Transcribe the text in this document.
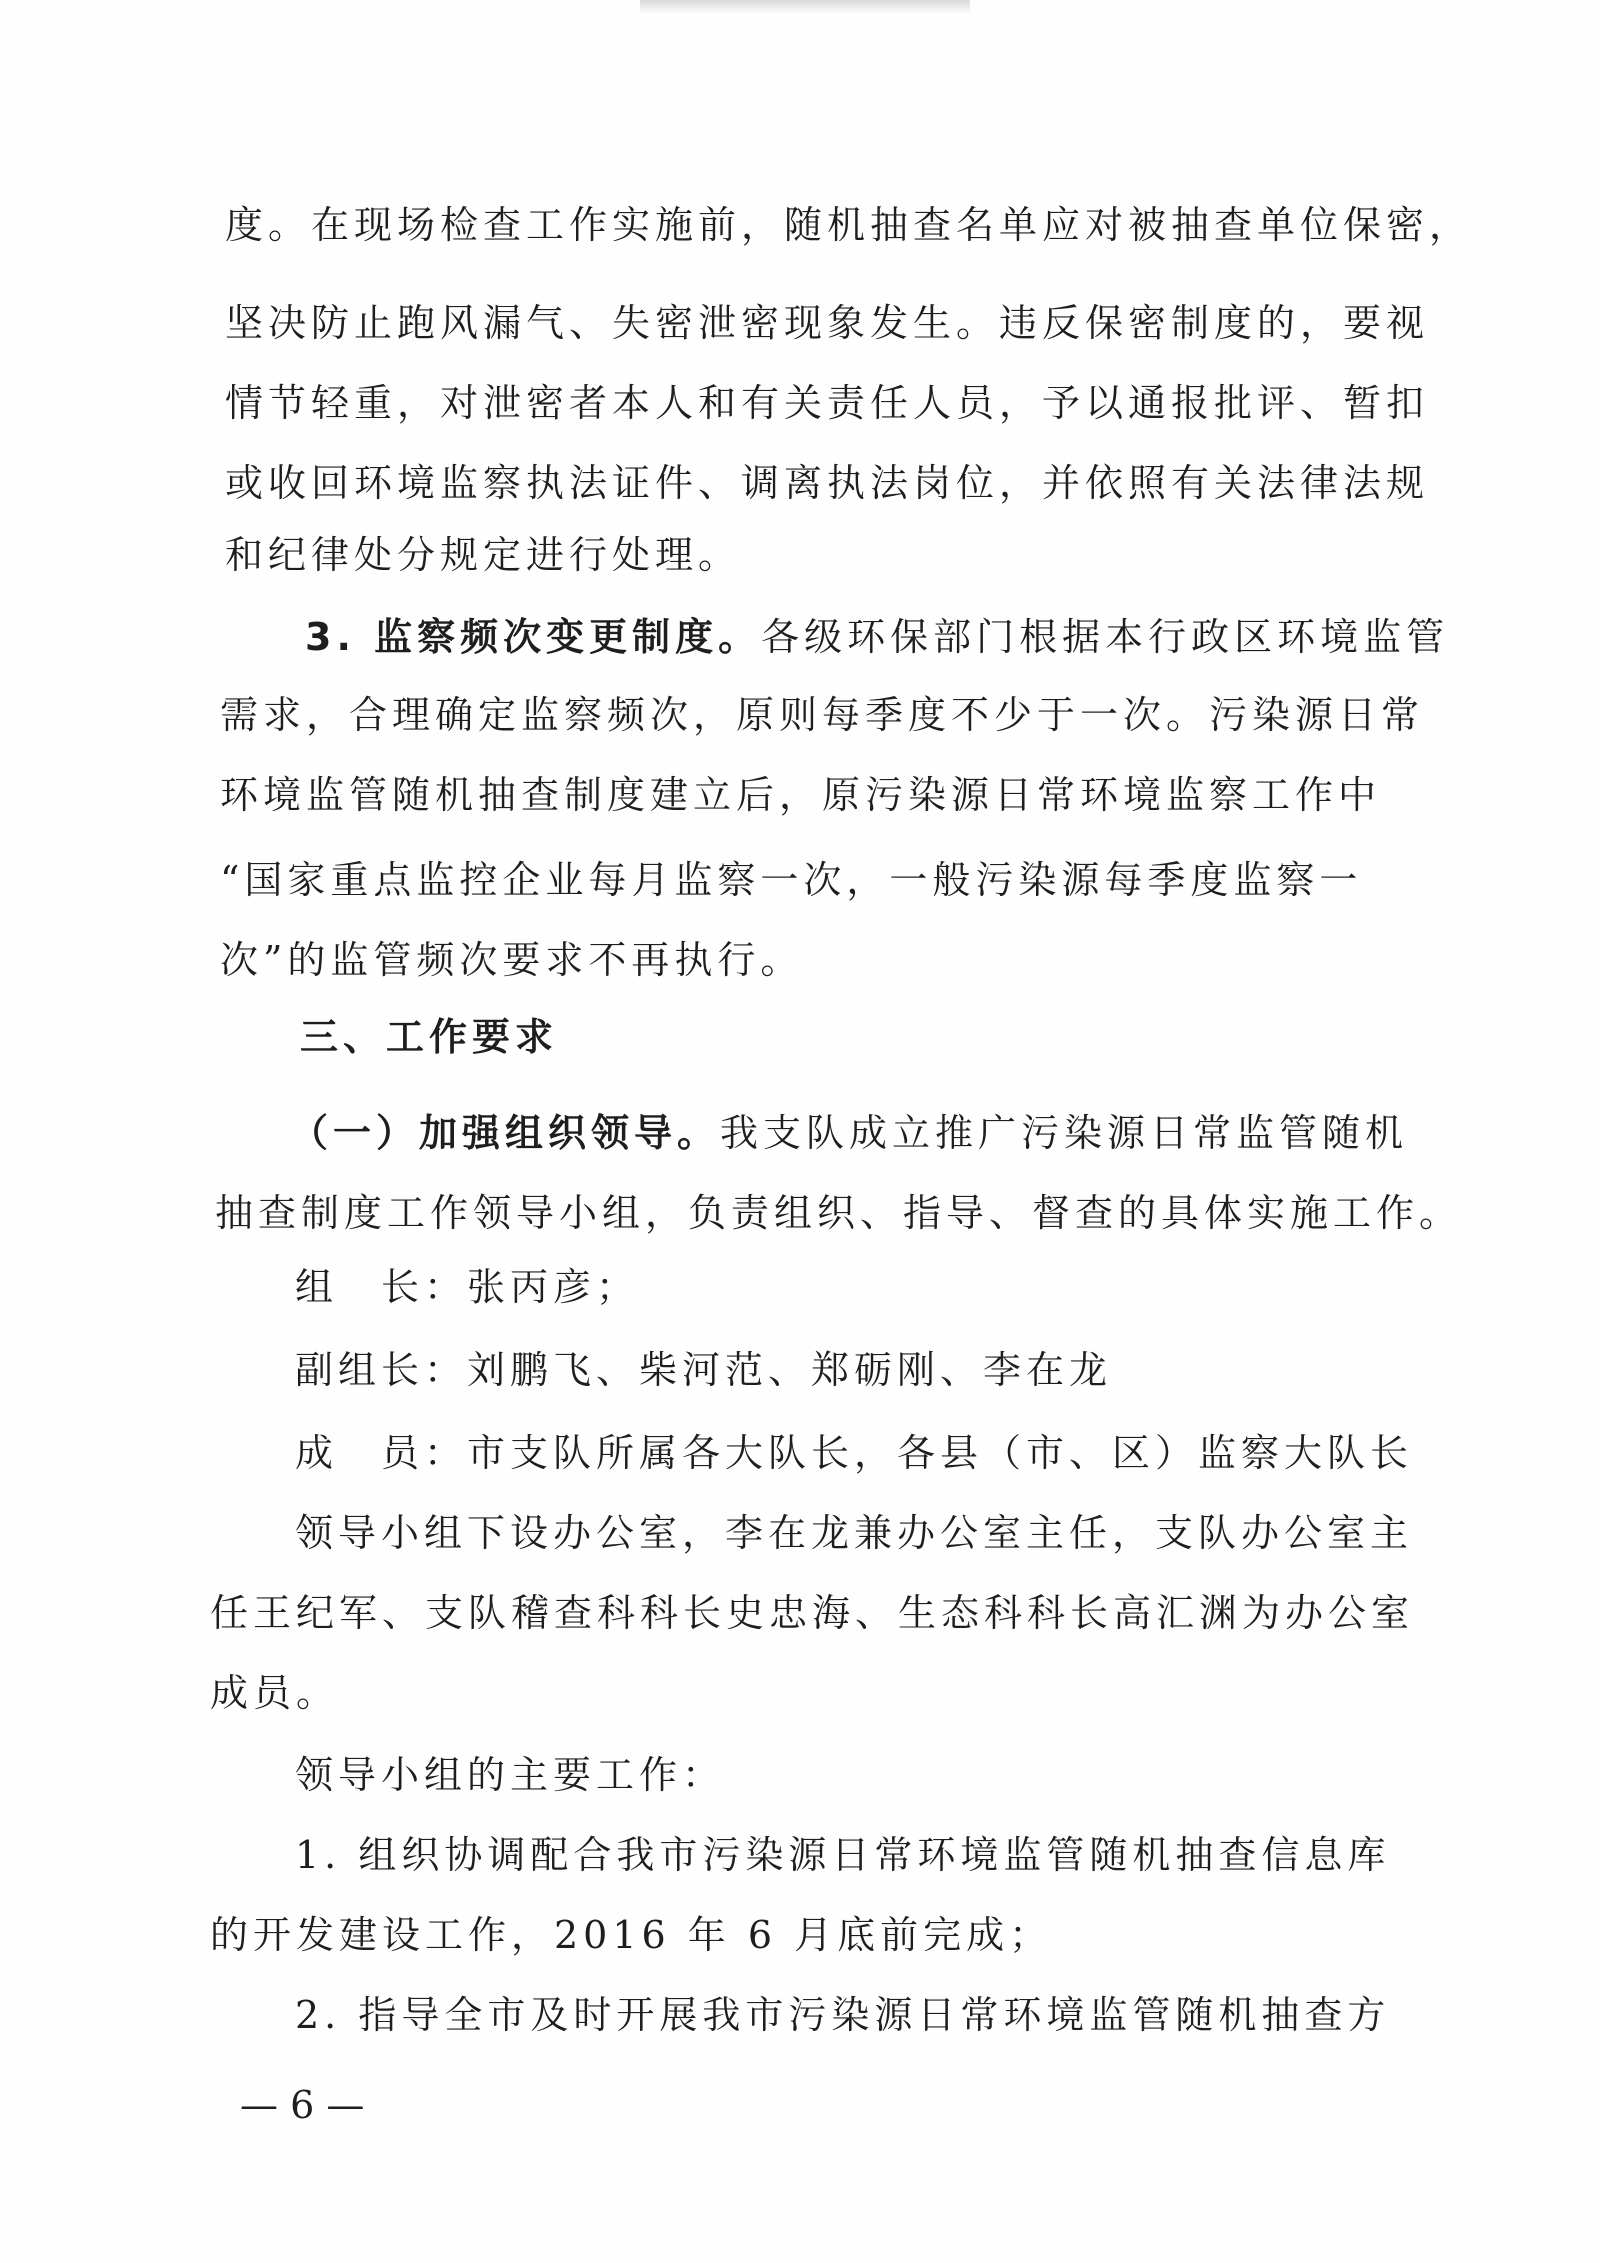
度。在现场检查工作实施前，随机抽查名单应对被抽查单位保密，
坚决防止跑风漏气、失密泄密现象发生。违反保密制度的，要视
情节轻重，对泄密者本人和有关责任人员，予以通报批评、暂扣
或收回环境监察执法证件、调离执法岗位，并依照有关法律法规
和纪律处分规定进行处理。
3. 监察频次变更制度。各级环保部门根据本行政区环境监管
需求，合理确定监察频次，原则每季度不少于一次。污染源日常
环境监管随机抽查制度建立后，原污染源日常环境监察工作中
“国家重点监控企业每月监察一次，一般污染源每季度监察一
次”的监管频次要求不再执行。
三、工作要求
（一）加强组织领导。我支队成立推广污染源日常监管随机
抽查制度工作领导小组，负责组织、指导、督查的具体实施工作。
组　长：张丙彦；
副组长：刘鹏飞、柴河范、郑砺刚、李在龙
成　员：市支队所属各大队长，各县（市、区）监察大队长
领导小组下设办公室，李在龙兼办公室主任，支队办公室主
任王纪军、支队稽查科科长史忠海、生态科科长高汇渊为办公室
成员。
领导小组的主要工作：
1. 组织协调配合我市污染源日常环境监管随机抽查信息库
的开发建设工作，2016 年 6 月底前完成；
2. 指导全市及时开展我市污染源日常环境监管随机抽查方
— 6 —
